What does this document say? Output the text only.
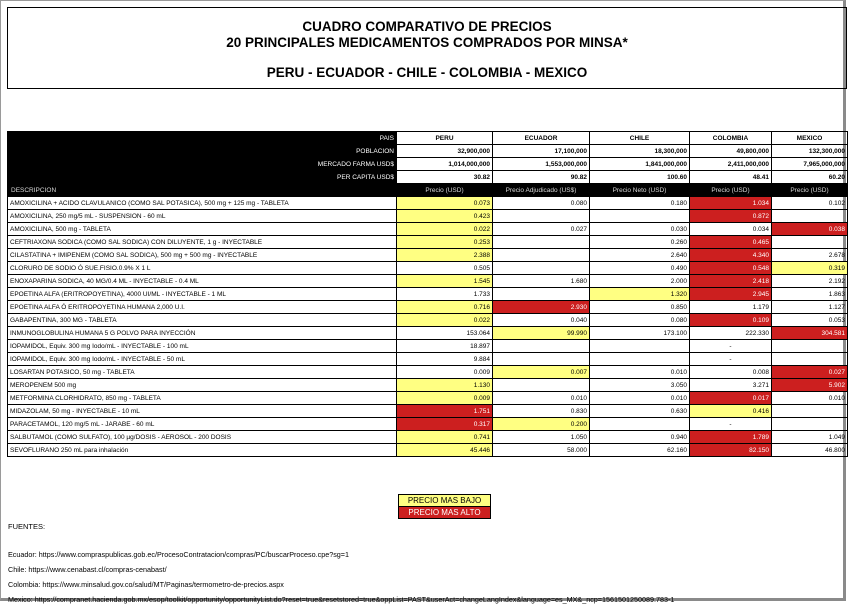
CUADRO COMPARATIVO DE PRECIOS
20 PRINCIPALES MEDICAMENTOS COMPRADOS POR MINSA*
PERU - ECUADOR - CHILE - COLOMBIA - MEXICO
PAIS	PERU	ECUADOR	CHILE	COLOMBIA	MEXICO
POBLACION	32,900,000	17,100,000	18,300,000	49,800,000	132,300,000
MERCADO FARMA USD$	1,014,000,000	1,553,000,000	1,841,000,000	2,411,000,000	7,965,000,000
PER CAPITA USD$	30.82	90.82	100.60	48.41	60.20
DESCRIPCION	Precio (USD)	Precio Adjudicado (US$)	Precio Neto (USD)	Precio (USD)	Precio (USD)
AMOXICILINA + ACIDO CLAVULANICO (COMO SAL POTASICA), 500 mg + 125 mg - TABLETA	0.073	0.080	0.180	1.034	0.102
AMOXICILINA, 250 mg/5 mL - SUSPENSION - 60 mL	0.423			0.872	
AMOXICILINA, 500 mg - TABLETA	0.022	0.027	0.030	0.034	0.038
CEFTRIAXONA SODICA (COMO SAL SODICA) CON DILUYENTE, 1 g - INYECTABLE	0.253		0.260	0.465	
CILASTATINA + IMIPENEM (COMO SAL SODICA), 500 mg + 500 mg - INYECTABLE	2.388		2.640	4.340	2.678
CLORURO DE SODIO Ó SUE.FISIO.0.9% X 1 L	0.505		0.490	0.548	0.319
ENOXAPARINA SODICA, 40 MG/0.4 ML - INYECTABLE - 0.4 ML	1.545	1.680	2.000	2.418	2.192
EPOETINA ALFA (ERITROPOYETINA), 4000 UI/ML - INYECTABLE - 1 ML	1.733		1.320	2.945	1.863
EPOETINA ALFA Ó ERITROPOYETINA HUMANA 2,000 U.I.	0.716	2.930	0.850	1.179	1.127
GABAPENTINA, 300 MG - TABLETA	0.022	0.040	0.080	0.109	0.053
INMUNOGLOBULINA HUMANA 5 G POLVO PARA INYECCIÓN	153.064	99.990	173.100	222.330	304.581
IOPAMIDOL, Equiv. 300 mg Iodo/mL - INYECTABLE - 100 mL	18.897			-	
IOPAMIDOL, Equiv. 300 mg Iodo/mL - INYECTABLE - 50 mL	9.884			-	
LOSARTAN POTASICO, 50 mg - TABLETA	0.009	0.007	0.010	0.008	0.027
MEROPENEM 500 mg	1.130		3.050	3.271	5.902
METFORMINA CLORHIDRATO, 850 mg - TABLETA	0.009	0.010	0.010	0.017	0.010
MIDAZOLAM, 50 mg - INYECTABLE - 10 mL	1.751	0.830	0.630	0.416	
PARACETAMOL, 120 mg/5 mL - JARABE - 60 mL	0.317	0.200		-	
SALBUTAMOL (COMO SULFATO), 100 µg/DOSIS - AEROSOL - 200 DOSIS	0.741	1.050	0.940	1.789	1.049
SEVOFLURANO 250 mL para inhalación	45.446	58.000	62.160	82.150	46.800
PRECIO MAS BAJO
PRECIO MAS ALTO
FUENTES:
Ecuador: https://www.compraspublicas.gob.ec/ProcesoContratacion/compras/PC/buscarProceso.cpe?sg=1
Chile: https://www.cenabast.cl/compras-cenabast/
Colombia: https://www.minsalud.gov.co/salud/MT/Paginas/termometro-de-precios.aspx
Mexico: https://compranet.hacienda.gob.mx/esop/toolkit/opportunity/opportunityList.do?reset=true&resetstored=true&oppList=PAST&userAct=changeLangIndex&language=es_MX&_ncp=1561501250089.783-1
